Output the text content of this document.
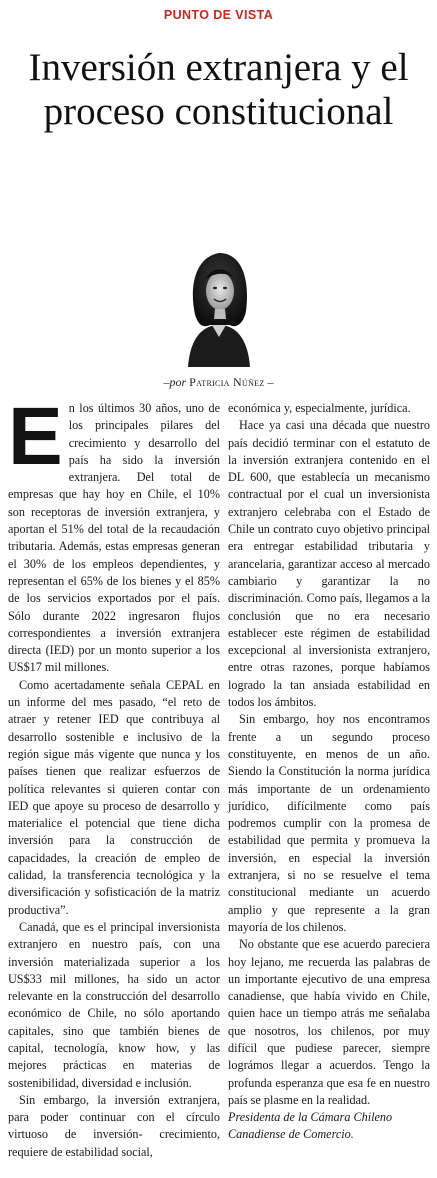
PUNTO DE VISTA
Inversión extranjera y el proceso constitucional
–por Patricia Núñez –

En los últimos 30 años, uno de los principales pilares del crecimiento y desarrollo del país ha sido la inversión extranjera. Del total de empresas que hay hoy en Chile, el 10% son receptoras de inversión extranjera, y aportan el 51% del total de la recaudación tributaria. Además, estas empresas generan el 30% de los empleos dependientes, y representan el 65% de los bienes y el 85% de los servicios exportados por el país. Sólo durante 2022 ingresaron flujos correspondientes a inversión extranjera directa (IED) por un monto superior a los US$17 mil millones.

Como acertadamente señala CEPAL en un informe del mes pasado, “el reto de atraer y retener IED que contribuya al desarrollo sostenible e inclusivo de la región sigue más vigente que nunca y los países tienen que realizar esfuerzos de política relevantes si quieren contar con IED que apoye su proceso de desarrollo y materialice el potencial que tiene dicha inversión para la construcción de capacidades, la creación de empleo de calidad, la transferencia tecnológica y la diversificación y sofisticación de la matriz productiva”.

Canadá, que es el principal inversionista extranjero en nuestro país, con una inversión materializada superior a los US$33 mil millones, ha sido un actor relevante en la construcción del desarrollo económico de Chile, no sólo aportando capitales, sino que también bienes de capital, tecnología, know how, y las mejores prácticas en materias de sostenibilidad, diversidad e inclusión.

Sin embargo, la inversión extranjera, para poder continuar con el círculo virtuoso de inversión- crecimiento, requiere de estabilidad social,

económica y, especialmente, jurídica.

Hace ya casi una década que nuestro país decidió terminar con el estatuto de la inversión extranjera contenido en el DL 600, que establecía un mecanismo contractual por el cual un inversionista extranjero celebraba con el Estado de Chile un contrato cuyo objetivo principal era entregar estabilidad tributaria y arancelaria, garantizar acceso al mercado cambiario y garantizar la no discriminación. Como país, llegamos a la conclusión que no era necesario establecer este régimen de estabilidad excepcional al inversionista extranjero, entre otras razones, porque habíamos logrado la tan ansiada estabilidad en todos los ámbitos.

Sin embargo, hoy nos encontramos frente a un segundo proceso constituyente, en menos de un año. Siendo la Constitución la norma jurídica más importante de un ordenamiento jurídico, difícilmente como país podremos cumplir con la promesa de estabilidad que permita y promueva la inversión, en especial la inversión extranjera, si no se resuelve el tema constitucional mediante un acuerdo amplio y que represente a la gran mayoría de los chilenos.

No obstante que ese acuerdo pareciera hoy lejano, me recuerda las palabras de un importante ejecutivo de una empresa canadiense, que había vivido en Chile, quien hace un tiempo atrás me señalaba que nosotros, los chilenos, por muy difícil que pudiese parecer, siempre lográmos llegar a acuerdos. Tengo la profunda esperanza que esa fe en nuestro país se plasme en la realidad.

Presidenta de la Cámara Chileno Canadiense de Comercio.
